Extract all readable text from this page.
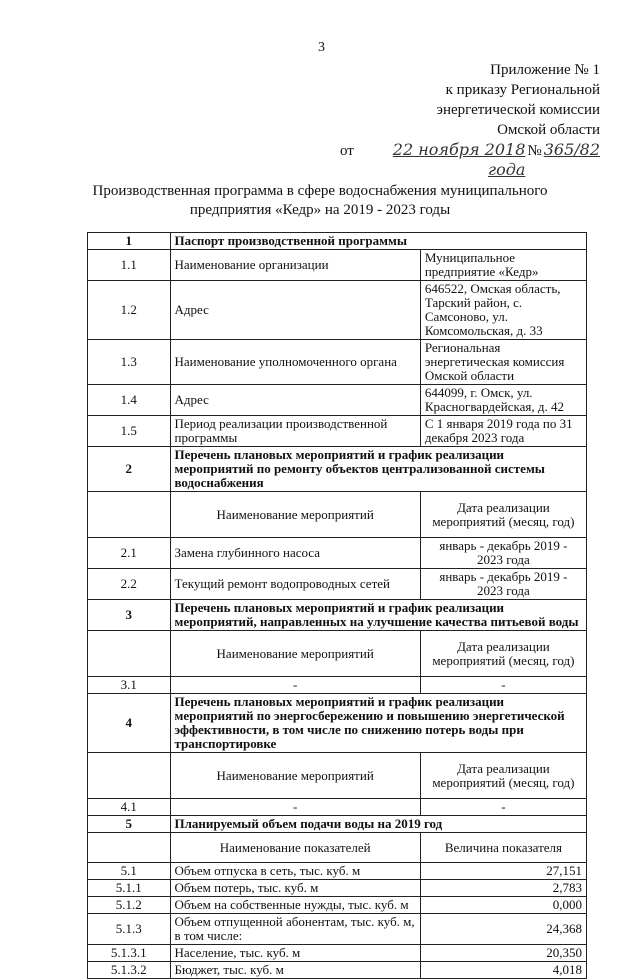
3
Приложение № 1
к приказу Региональной
энергетической комиссии
Омской области
от	22 ноября 2018 года
№ 365/82
Производственная программа в сфере водоснабжения муниципального
предприятия «Кедр» на 2019 - 2023 годы
1	Паспорт производственной программы	
1.1	Наименование организации	Муниципальное предприятие «Кедр»
1.2	Адрес	646522, Омская область, Тарский район, с. Самсоново, ул. Комсомольская, д. 33
1.3	Наименование уполномоченного органа	Региональная энергетическая комиссия Омской области
1.4	Адрес	644099, г. Омск, ул. Красногвардейская, д. 42
1.5	Период реализации производственной программы	С 1 января 2019 года по 31 декабря 2023 года
2	Перечень плановых мероприятий и график реализации мероприятий по ремонту объектов централизованной системы водоснабжения	
	Наименование мероприятий	Дата реализации мероприятий (месяц, год)
2.1	Замена глубинного насоса	январь - декабрь 2019 - 2023 года
2.2	Текущий ремонт водопроводных сетей	январь - декабрь 2019 - 2023 года
3	Перечень плановых мероприятий и график реализации мероприятий, направленных на улучшение качества питьевой воды	
	Наименование мероприятий	Дата реализации мероприятий (месяц, год)
3.1	-	-
4	Перечень плановых мероприятий и график реализации мероприятий по энергосбережению и повышению энергетической эффективности, в том числе по снижению потерь воды при транспортировке	
	Наименование мероприятий	Дата реализации мероприятий (месяц, год)
4.1	-	-
5	Планируемый объем подачи воды на 2019 год	
	Наименование показателей	Величина показателя
5.1	Объем отпуска в сеть, тыс. куб. м	27,151
5.1.1	Объем потерь, тыс. куб. м	2,783
5.1.2	Объем на собственные нужды, тыс. куб. м	0,000
5.1.3	Объем отпущенной абонентам, тыс. куб. м, в том числе:	24,368
5.1.3.1	Население, тыс. куб. м	20,350
5.1.3.2	Бюджет, тыс. куб. м	4,018
